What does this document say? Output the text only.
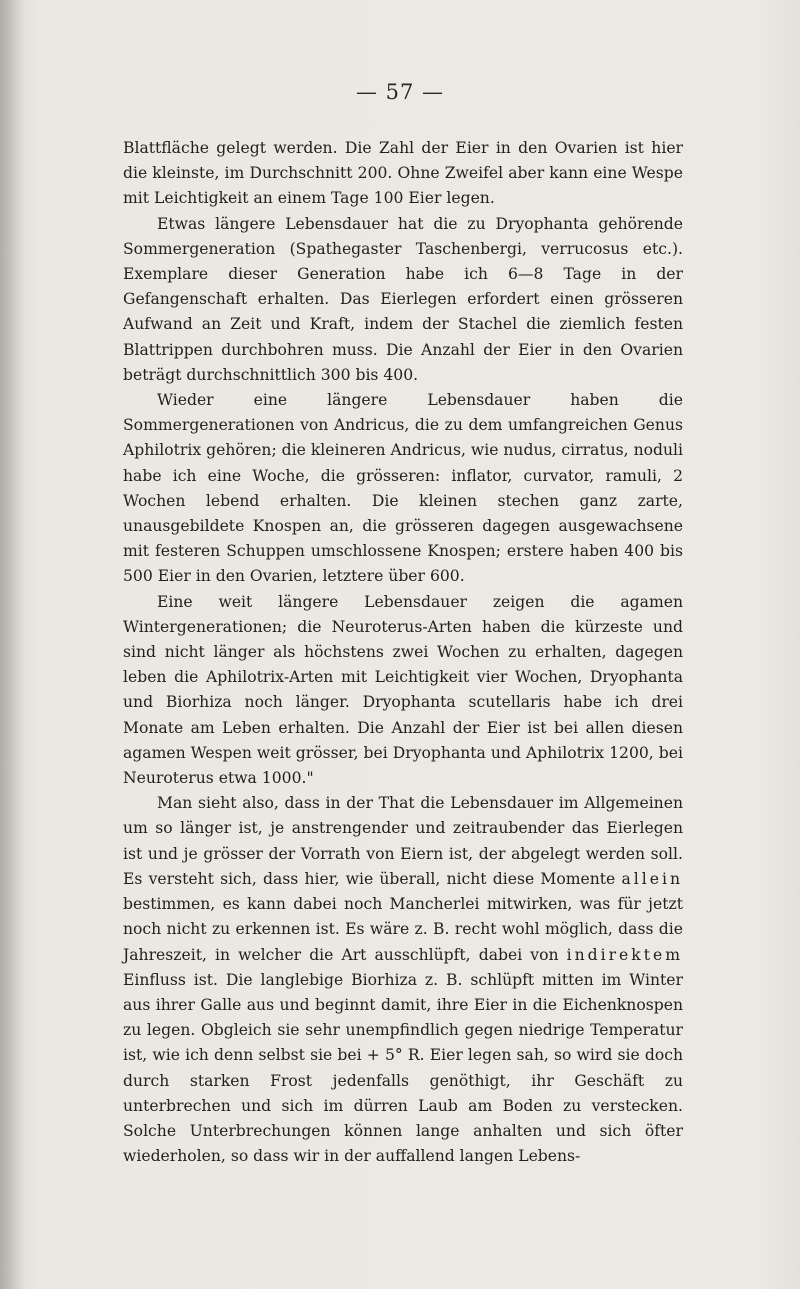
— 57 —

Blattfläche gelegt werden. Die Zahl der Eier in den Ovarien ist hier die kleinste, im Durchschnitt 200. Ohne Zweifel aber kann eine Wespe mit Leichtigkeit an einem Tage 100 Eier legen.

Etwas längere Lebensdauer hat die zu Dryophanta gehörende Sommergeneration (Spathegaster Taschenbergi, verrucosus etc.). Exemplare dieser Generation habe ich 6—8 Tage in der Gefangenschaft erhalten. Das Eierlegen erfordert einen grösseren Aufwand an Zeit und Kraft, indem der Stachel die ziemlich festen Blattrippen durchbohren muss. Die Anzahl der Eier in den Ovarien beträgt durchschnittlich 300 bis 400.

Wieder eine längere Lebensdauer haben die Sommergenerationen von Andricus, die zu dem umfangreichen Genus Aphilotrix gehören; die kleineren Andricus, wie nudus, cirratus, noduli habe ich eine Woche, die grösseren: inflator, curvator, ramuli, 2 Wochen lebend erhalten. Die kleinen stechen ganz zarte, unausgebildete Knospen an, die grösseren dagegen ausgewachsene mit festeren Schuppen umschlossene Knospen; erstere haben 400 bis 500 Eier in den Ovarien, letztere über 600.

Eine weit längere Lebensdauer zeigen die agamen Wintergenerationen; die Neuroterus-Arten haben die kürzeste und sind nicht länger als höchstens zwei Wochen zu erhalten, dagegen leben die Aphilotrix-Arten mit Leichtigkeit vier Wochen, Dryophanta und Biorhiza noch länger. Dryophanta scutellaris habe ich drei Monate am Leben erhalten. Die Anzahl der Eier ist bei allen diesen agamen Wespen weit grösser, bei Dryophanta und Aphilotrix 1200, bei Neuroterus etwa 1000."

Man sieht also, dass in der That die Lebensdauer im Allgemeinen um so länger ist, je anstrengender und zeitraubender das Eierlegen ist und je grösser der Vorrath von Eiern ist, der abgelegt werden soll. Es versteht sich, dass hier, wie überall, nicht diese Momente allein bestimmen, es kann dabei noch Mancherlei mitwirken, was für jetzt noch nicht zu erkennen ist. Es wäre z. B. recht wohl möglich, dass die Jahreszeit, in welcher die Art ausschlüpft, dabei von indirektem Einfluss ist. Die langlebige Biorhiza z. B. schlüpft mitten im Winter aus ihrer Galle aus und beginnt damit, ihre Eier in die Eichenknospen zu legen. Obgleich sie sehr unempfindlich gegen niedrige Temperatur ist, wie ich denn selbst sie bei + 5° R. Eier legen sah, so wird sie doch durch starken Frost jedenfalls genöthigt, ihr Geschäft zu unterbrechen und sich im dürren Laub am Boden zu verstecken. Solche Unterbrechungen können lange anhalten und sich öfter wiederholen, so dass wir in der auffallend langen Lebens-
